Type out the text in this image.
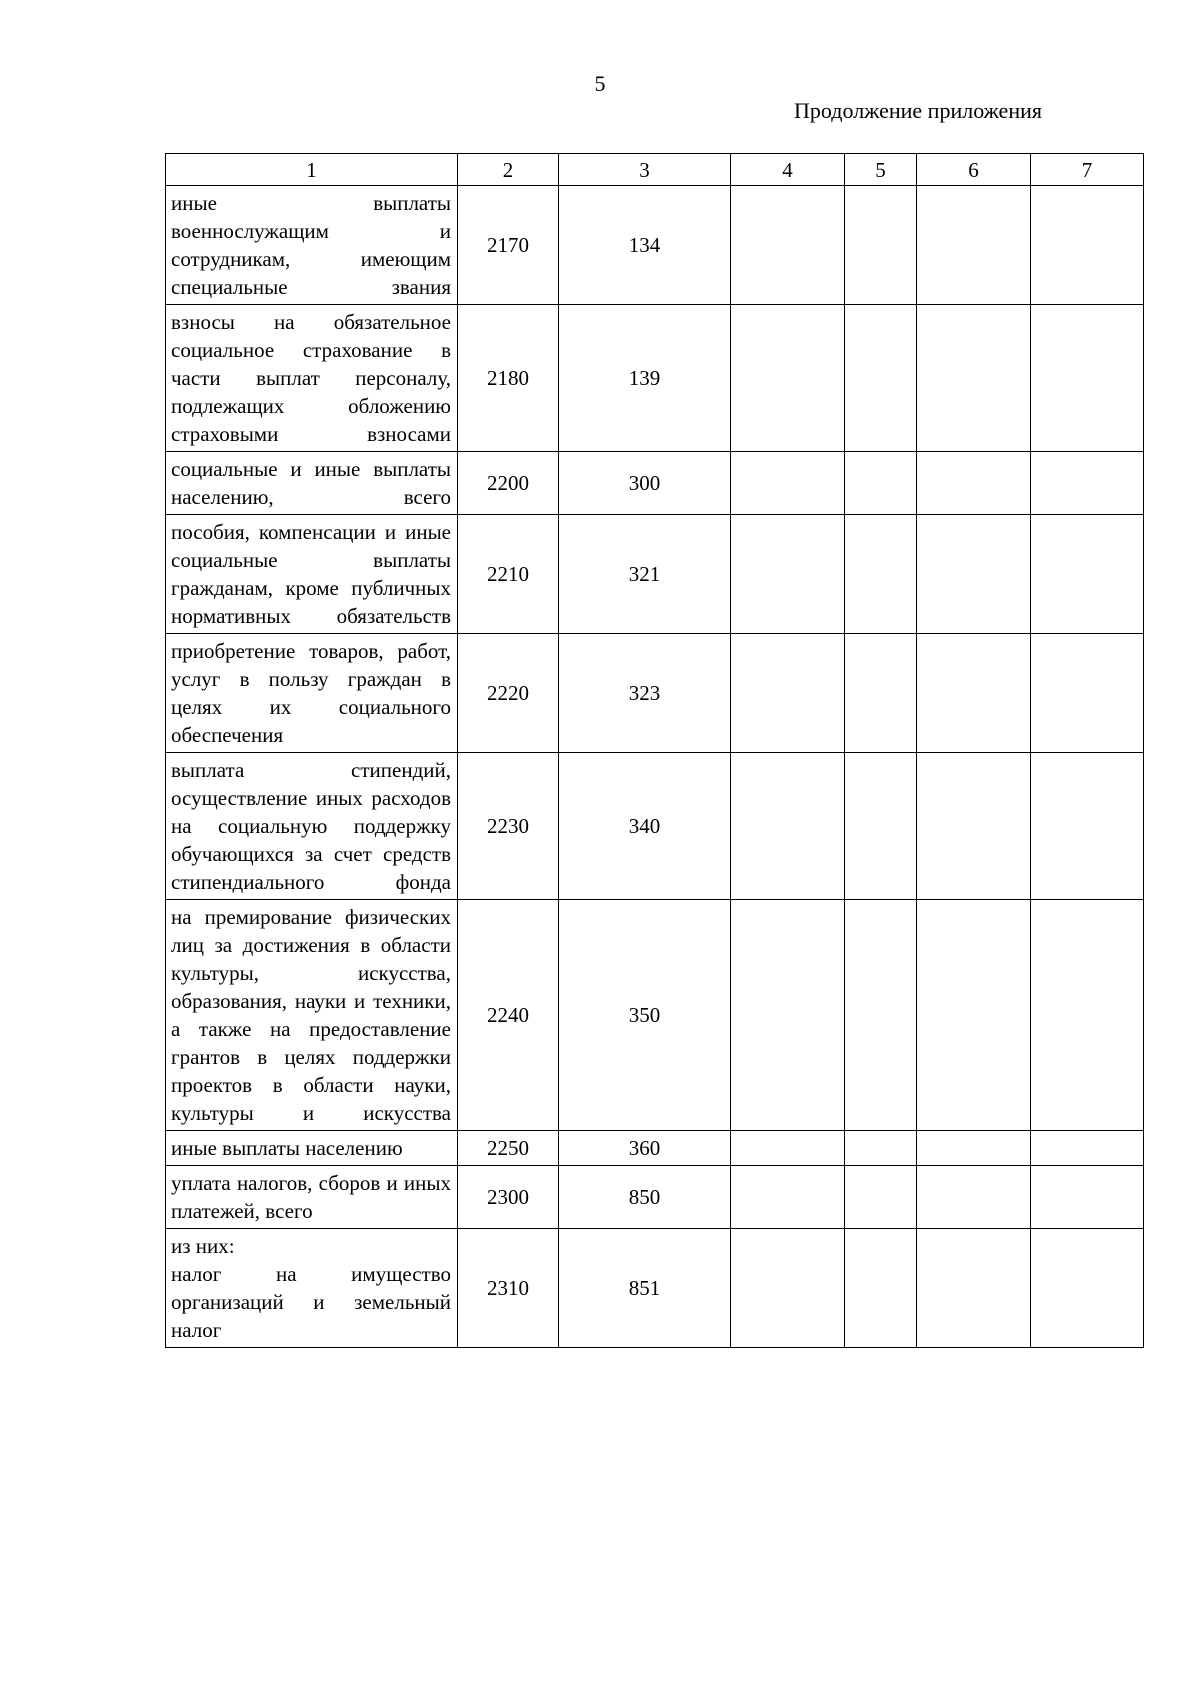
5
Продолжение приложения
1	2	3	4	5	6	7
иные выплаты военнослужащим и сотрудникам, имеющим специальные звания	2170	134				
взносы на обязательное социальное страхование в части выплат персоналу, подлежащих обложению страховыми взносами	2180	139				
социальные и иные выплаты населению, всего	2200	300				
пособия, компенсации и иные социальные выплаты гражданам, кроме публичных нормативных обязательств	2210	321				
приобретение товаров, работ, услуг в пользу граждан в целях их социального обеспечения	2220	323				
выплата стипендий, осуществление иных расходов на социальную поддержку обучающихся за счет средств стипендиального фонда	2230	340				
на премирование физических лиц за достижения в области культуры, искусства, образования, науки и техники, а также на предоставление грантов в целях поддержки проектов в области науки, культуры и искусства	2240	350				
иные выплаты населению	2250	360				
уплата налогов, сборов и иных платежей, всего	2300	850				

из них:
налог на имущество организаций и земельный налог	2310	851				
